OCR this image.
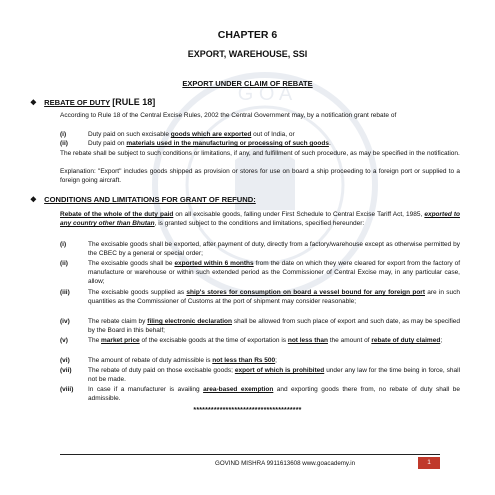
G O A
CHAPTER 6
EXPORT, WAREHOUSE, SSI
EXPORT UNDER CLAIM OF REBATE
❖ REBATE OF DUTY [RULE 18]

According to Rule 18 of the Central Excise Rules, 2002 the Central Government may, by a notification grant rebate of

(i)	Duty paid on such excisable goods which are exported out of India, or
(ii)	Duty paid on materials used in the manufacturing or processing of such goods.

The rebate shall be subject to such conditions or limitations, if any, and fulfillment of such procedure, as may be specified in the notification.

Explanation: "Export" includes goods shipped as provision or stores for use on board a ship proceeding to a foreign port or supplied to a foreign going aircraft.

❖ CONDITIONS AND LIMITATIONS FOR GRANT OF REFUND:

Rebate of the whole of the duty paid on all excisable goods, falling under First Schedule to Central Excise Tariff Act, 1985, exported to any country other than Bhutan, is granted subject to the conditions and limitations, specified hereunder:

(i)	The excisable goods shall be exported, after payment of duty, directly from a factory/warehouse except as otherwise permitted by the CBEC by a general or special order;
(ii)	The excisable goods shall be exported within 6 months from the date on which they were cleared for export from the factory of manufacture or warehouse or within such extended period as the Commissioner of Central Excise may, in any particular case, allow;
(iii)	The excisable goods supplied as ship's stores for consumption on board a vessel bound for any foreign port are in such quantities as the Commissioner of Customs at the port of shipment may consider reasonable;
(iv)	The rebate claim by filing electronic declaration shall be allowed from such place of export and such date, as may be specified by the Board in this behalf;
(v)	The market price of the excisable goods at the time of exportation is not less than the amount of rebate of duty claimed;
(vi)	The amount of rebate of duty admissible is not less than Rs 500;
(vii)	The rebate of duty paid on those excisable goods; export of which is prohibited under any law for the time being in force, shall not be made.
(viii) In case if a manufacturer is availing area-based exemption and exporting goods there from, no rebate of duty shall be admissible.
*************************************
GOVIND MISHRA 9911613608 www.goacademy.in	1
